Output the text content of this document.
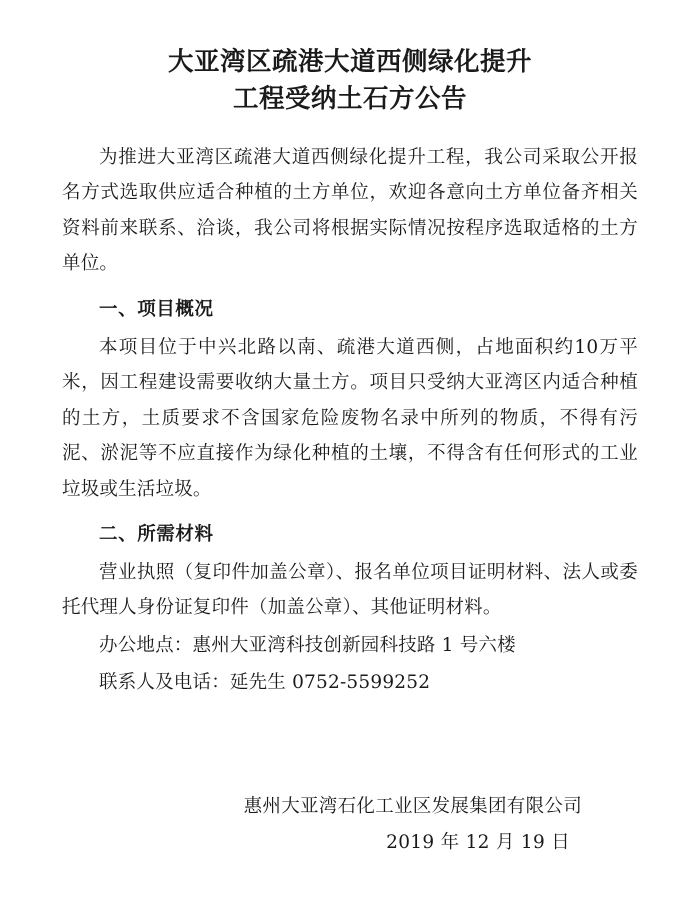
大亚湾区疏港大道西侧绿化提升
工程受纳土石方公告

为推进大亚湾区疏港大道西侧绿化提升工程，我公司采取公开报名方式选取供应适合种植的土方单位，欢迎各意向土方单位备齐相关资料前来联系、洽谈，我公司将根据实际情况按程序选取适格的土方单位。

一、项目概况

本项目位于中兴北路以南、疏港大道西侧，占地面积约10万平米，因工程建设需要收纳大量土方。项目只受纳大亚湾区内适合种植的土方，土质要求不含国家危险废物名录中所列的物质，不得有污泥、淤泥等不应直接作为绿化种植的土壤，不得含有任何形式的工业垃圾或生活垃圾。

二、所需材料

营业执照（复印件加盖公章）、报名单位项目证明材料、法人或委托代理人身份证复印件（加盖公章）、其他证明材料。

办公地点：惠州大亚湾科技创新园科技路 1 号六楼

联系人及电话：延先生 0752-5599252

惠州大亚湾石化工业区发展集团有限公司
2019 年 12 月 19 日
